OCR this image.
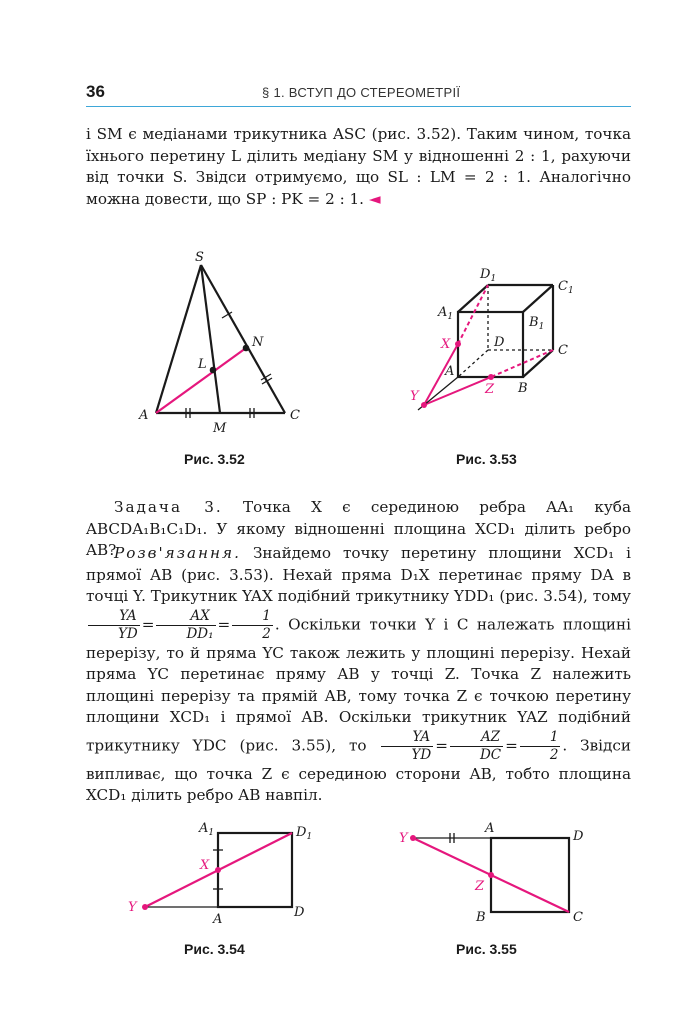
36	§ 1. ВСТУП ДО СТЕРЕОМЕТРІЇ

і SM є медіанами трикутника ASC (рис. 3.52). Таким чином, точка їхнього перетину L ділить медіану SM у відношенні 2 : 1, рахуючи від точки S. Звідси отримуємо, що SL : LM = 2 : 1. Аналогічно можна довести, що SP : PK = 2 : 1. ◄

S
A	C
M
N
L
Рис. 3.52
$D_1$	$C_1$
$A_1$	$B_1$
X	D
C
A
B
Y	Z
Рис. 3.53

Задача 3. Точка X є серединою ребра AA₁ куба ABCDA₁B₁C₁D₁. У якому відношенні площина XCD₁ ділить ребро AB?

Розв'язання. Знайдемо точку перетину площини XCD₁ і прямої AB (рис. 3.53). Нехай пряма D₁X перетинає пряму DA в точці Y. Трикутник YAX подібний трикутнику YDD₁ (рис. 3.54), тому
$\frac{YA}{YD} = \frac{AX}{\text{DD₁}} = \frac{1}{2}$ . Оскільки точки Y і C належать площині перерізу, то й пряма YC також лежить у площині перерізу. Нехай пряма YC перетинає пряму AB у точці Z. Точка Z належить площині перерізу та прямій AB, тому точка Z є точкою перетину площини XCD₁ і прямої AB. Оскільки трикутник YAZ подібний трикутнику YDC (рис. 3.55), то $\frac{YA}{YD} = \frac{AZ}{DC} = \frac{1}{2}$ . Звідси випливає, що точка Z є серединою сторони AB, тобто площина XCD₁ ділить ребро AB навпіл.

$A_1$	$D_1$
X
Y
A	D
Рис. 3.54
Y
A
D
Z
B	C
Рис. 3.55
